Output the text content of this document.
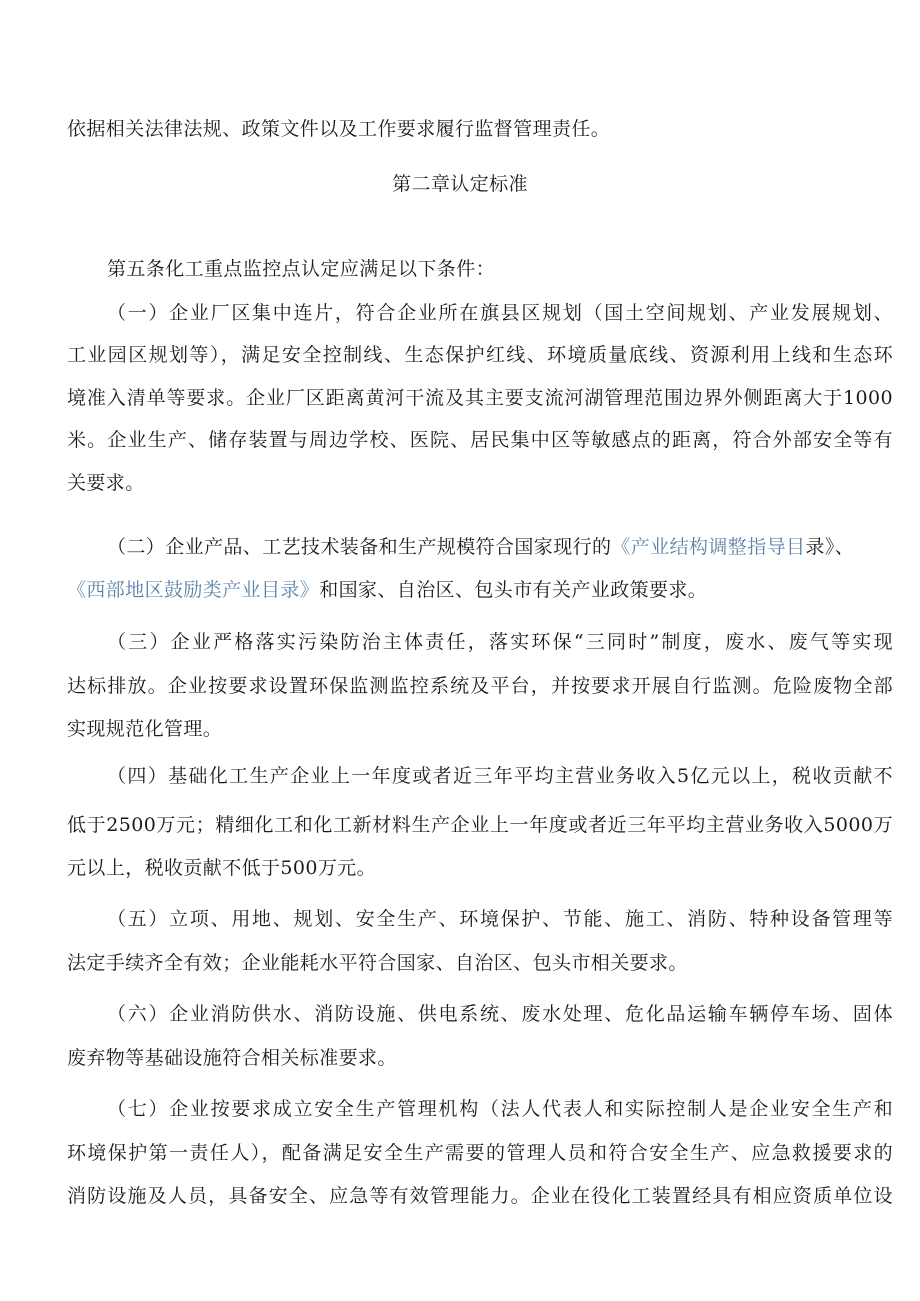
依据相关法律法规、政策文件以及工作要求履行监督管理责任。
第二章认定标准
第五条化工重点监控点认定应满足以下条件：
（一）企业厂区集中连片，符合企业所在旗县区规划（国土空间规划、产业发展规划、
工业园区规划等），满足安全控制线、生态保护红线、环境质量底线、资源利用上线和生态环
境准入清单等要求。企业厂区距离黄河干流及其主要支流河湖管理范围边界外侧距离大于1000
米。企业生产、储存装置与周边学校、医院、居民集中区等敏感点的距离，符合外部安全等有
关要求。
（二）企业产品、工艺技术装备和生产规模符合国家现行的《产业结构调整指导目录》、
《西部地区鼓励类产业目录》和国家、自治区、包头市有关产业政策要求。
（三）企业严格落实污染防治主体责任，落实环保“三同时”制度，废水、废气等实现
达标排放。企业按要求设置环保监测监控系统及平台，并按要求开展自行监测。危险废物全部
实现规范化管理。
（四）基础化工生产企业上一年度或者近三年平均主营业务收入5亿元以上，税收贡献不
低于2500万元；精细化工和化工新材料生产企业上一年度或者近三年平均主营业务收入5000万
元以上，税收贡献不低于500万元。
（五）立项、用地、规划、安全生产、环境保护、节能、施工、消防、特种设备管理等
法定手续齐全有效；企业能耗水平符合国家、自治区、包头市相关要求。
（六）企业消防供水、消防设施、供电系统、废水处理、危化品运输车辆停车场、固体
废弃物等基础设施符合相关标准要求。
（七）企业按要求成立安全生产管理机构（法人代表人和实际控制人是企业安全生产和
环境保护第一责任人），配备满足安全生产需要的管理人员和符合安全生产、应急救援要求的
消防设施及人员，具备安全、应急等有效管理能力。企业在役化工装置经具有相应资质单位设
